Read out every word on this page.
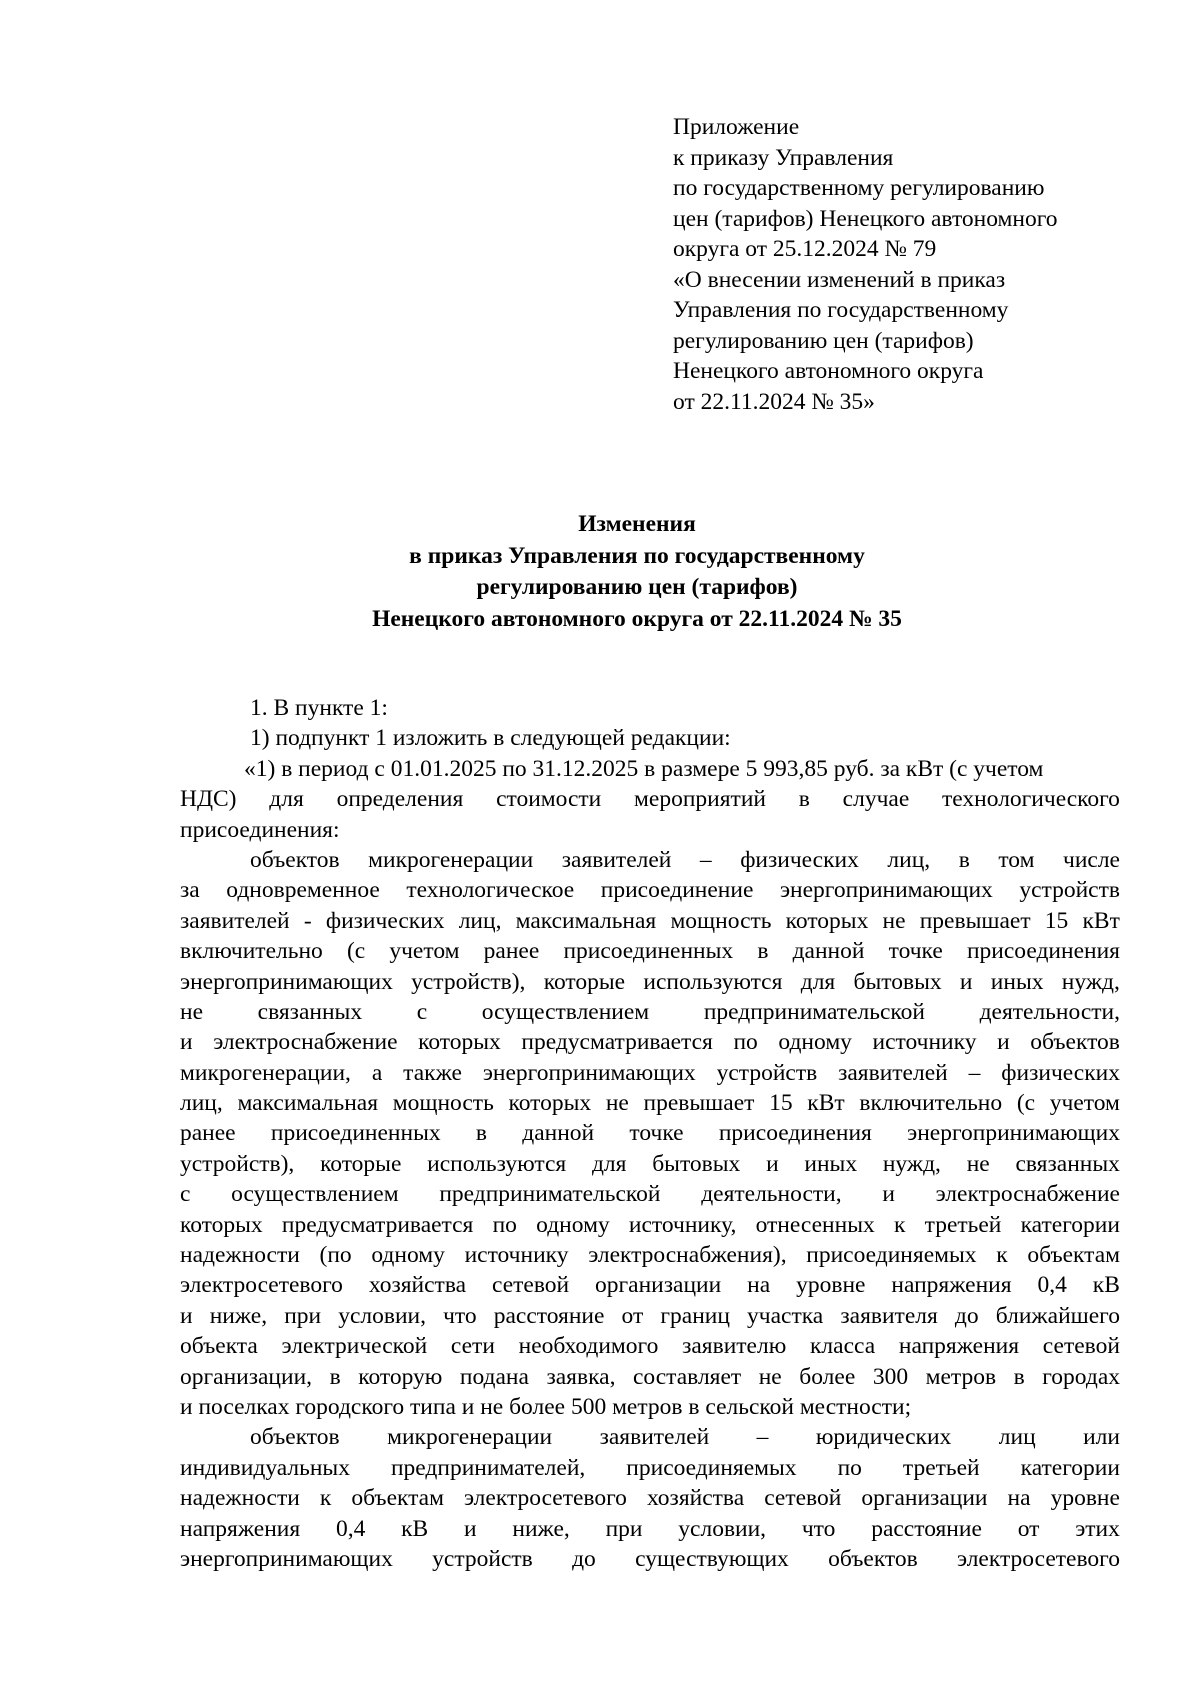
Приложение
к приказу Управления
по государственному регулированию
цен (тарифов) Ненецкого автономного
округа от 25.12.2024 № 79
«О внесении изменений в приказ
Управления по государственному
регулированию цен (тарифов)
Ненецкого автономного округа
от 22.11.2024 № 35»
Изменения
в приказ Управления по государственному
регулированию цен (тарифов)
Ненецкого автономного округа от 22.11.2024 № 35
1. В пункте 1:
1) подпункт 1 изложить в следующей редакции:
«1) в период с 01.01.2025 по 31.12.2025 в размере 5 993,85 руб. за кВт (с учетом
НДС) для определения стоимости мероприятий в случае технологического
присоединения:
объектов микрогенерации заявителей – физических лиц, в том числе
за одновременное технологическое присоединение энергопринимающих устройств
заявителей - физических лиц, максимальная мощность которых не превышает 15 кВт
включительно (с учетом ранее присоединенных в данной точке присоединения
энергопринимающих устройств), которые используются для бытовых и иных нужд,
не связанных с осуществлением предпринимательской деятельности,
и электроснабжение которых предусматривается по одному источнику и объектов
микрогенерации, а также энергопринимающих устройств заявителей – физических
лиц, максимальная мощность которых не превышает 15 кВт включительно (с учетом
ранее присоединенных в данной точке присоединения энергопринимающих
устройств), которые используются для бытовых и иных нужд, не связанных
с осуществлением предпринимательской деятельности, и электроснабжение
которых предусматривается по одному источнику, отнесенных к третьей категории
надежности (по одному источнику электроснабжения), присоединяемых к объектам
электросетевого хозяйства сетевой организации на уровне напряжения 0,4 кВ
и ниже, при условии, что расстояние от границ участка заявителя до ближайшего
объекта электрической сети необходимого заявителю класса напряжения сетевой
организации, в которую подана заявка, составляет не более 300 метров в городах
и поселках городского типа и не более 500 метров в сельской местности;
объектов микрогенерации заявителей – юридических лиц или
индивидуальных предпринимателей, присоединяемых по третьей категории
надежности к объектам электросетевого хозяйства сетевой организации на уровне
напряжения 0,4 кВ и ниже, при условии, что расстояние от этих
энергопринимающих устройств до существующих объектов электросетевого
